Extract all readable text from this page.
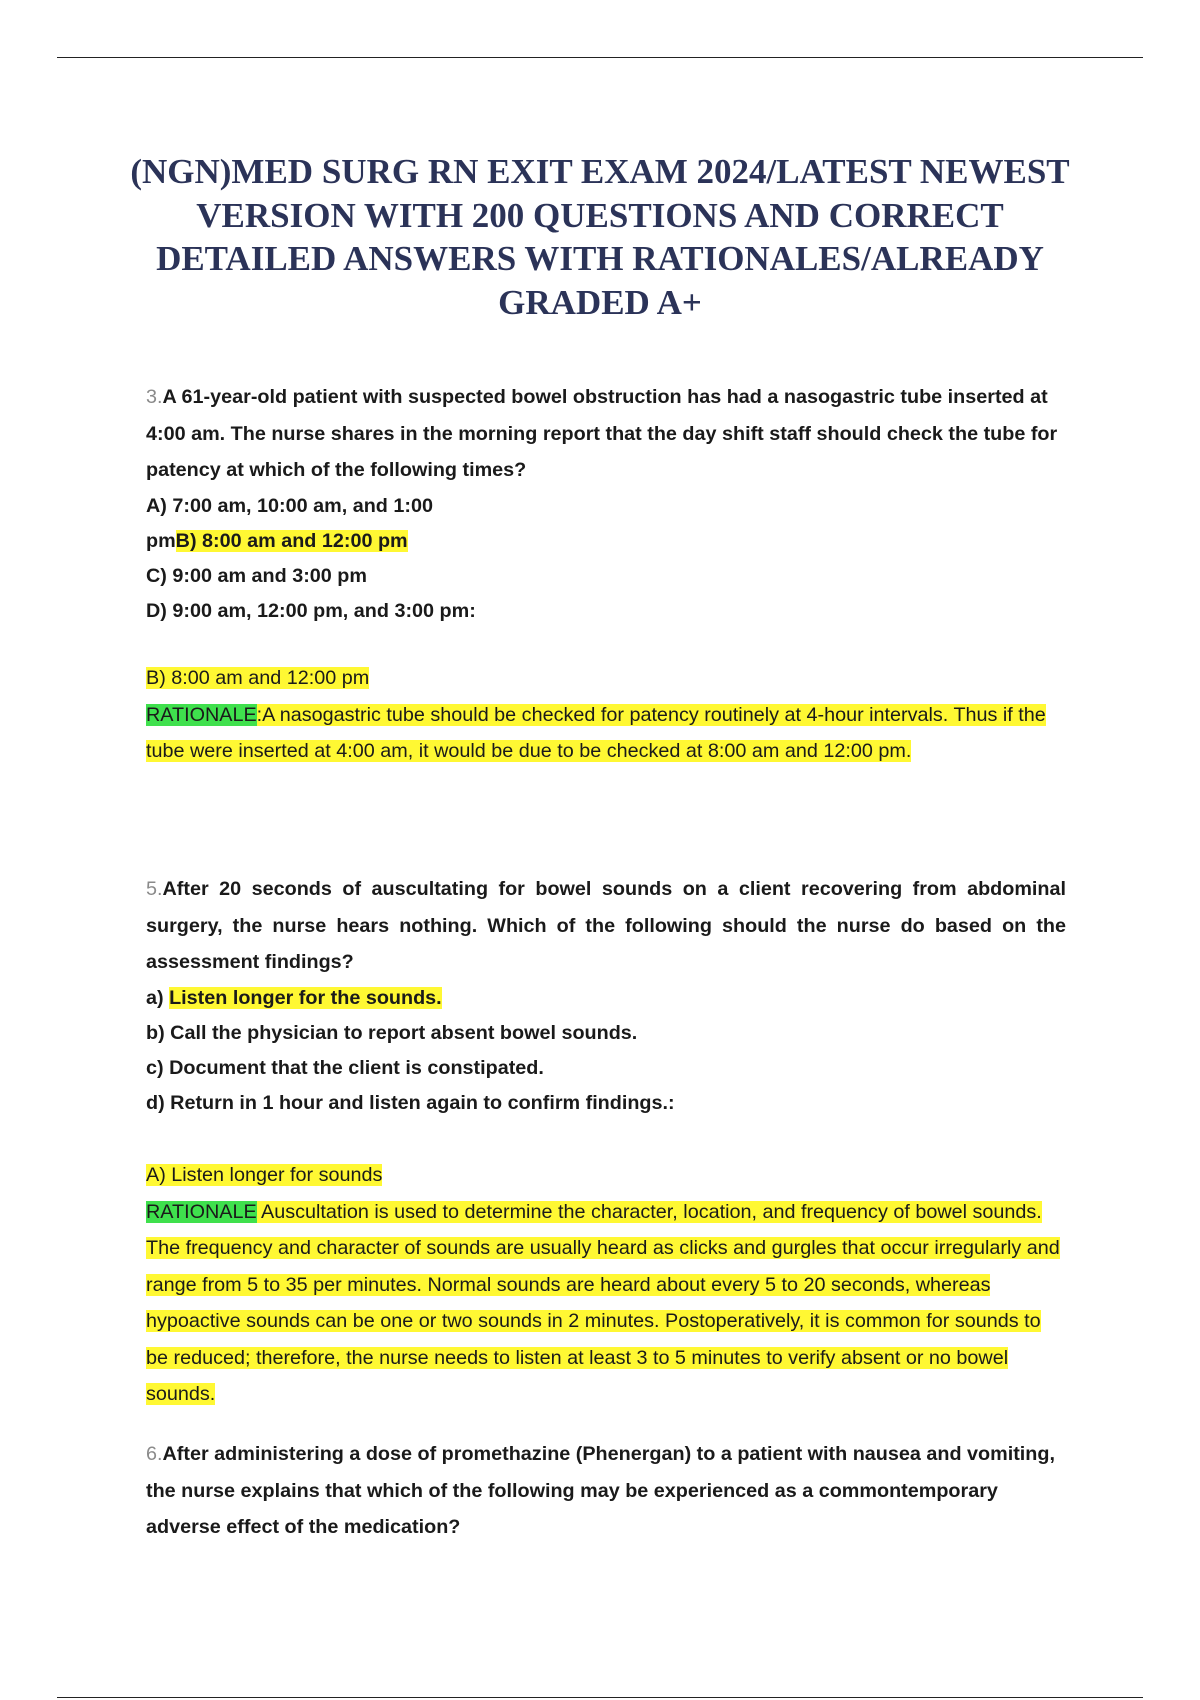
(NGN)MED SURG RN EXIT EXAM 2024/LATEST NEWEST VERSION WITH 200 QUESTIONS AND CORRECT DETAILED ANSWERS WITH RATIONALES/ALREADY GRADED A+

3.A 61-year-old patient with suspected bowel obstruction has had a nasogastric tube inserted at 4:00 am. The nurse shares in the morning report that the day shift staff should check the tube for patency at which of the following times?

A) 7:00 am, 10:00 am, and 1:00

pmB) 8:00 am and 12:00 pm

C) 9:00 am and 3:00 pm

D) 9:00 am, 12:00 pm, and 3:00 pm:

B) 8:00 am and 12:00 pm

RATIONALE:A nasogastric tube should be checked for patency routinely at 4-hour intervals. Thus if the tube were inserted at 4:00 am, it would be due to be checked at 8:00 am and 12:00 pm.

5.After 20 seconds of auscultating for bowel sounds on a client recovering from abdominal surgery, the nurse hears nothing. Which of the following should the nurse do based on the assessment findings?

a) Listen longer for the sounds.

b) Call the physician to report absent bowel sounds.

c) Document that the client is constipated.

d) Return in 1 hour and listen again to confirm findings.:

A) Listen longer for sounds

RATIONALE Auscultation is used to determine the character, location, and frequency of bowel sounds. The frequency and character of sounds are usually heard as clicks and gurgles that occur irregularly and range from 5 to 35 per minutes. Normal sounds are heard about every 5 to 20 seconds, whereas hypoactive sounds can be one or two sounds in 2 minutes. Postoperatively, it is common for sounds to be reduced; therefore, the nurse needs to listen at least 3 to 5 minutes to verify absent or no bowel sounds.

6.After administering a dose of promethazine (Phenergan) to a patient with nausea and vomiting, the nurse explains that which of the following may be experienced as a commontemporary adverse effect of the medication?
